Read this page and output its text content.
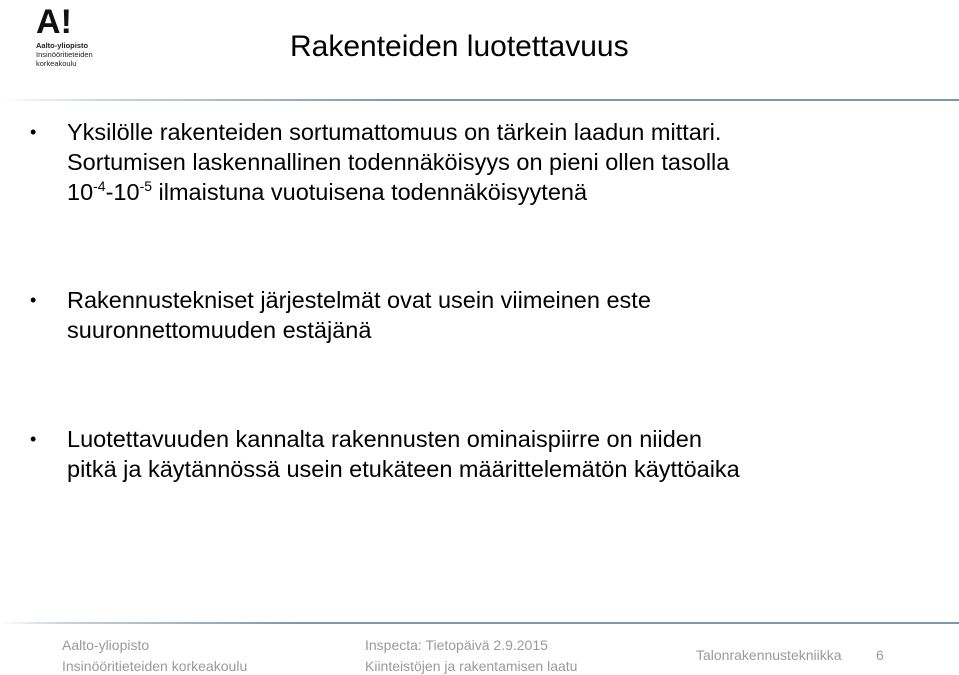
A !
Aalto-yliopisto
Insinööritieteiden
korkeakoulu
Rakenteiden luotettavuus
• Yksilölle rakenteiden sortumattomuus on tärkein laadun mittari.
Sortumisen laskennallinen todennäköisyys on pieni ollen tasolla
$10^{-4}-10^{-5}$ ilmaistuna vuotuisena todennäköisyytenä
• Rakennustekniset järjestelmät ovat usein viimeinen este
suuronnettomuuden estäjänä
• Luotettavuuden kannalta rakennusten ominaispiirre on niiden
pitkä ja käytännössä usein etukäteen määrittelemätön käyttöaika
Aalto-yliopisto
Insinööritieteiden korkeakoulu
Inspecta: Tietopäivä 2.9.2015
Kiinteistöjen ja rakentamisen laatu
Talonrakennustekniikka 6
